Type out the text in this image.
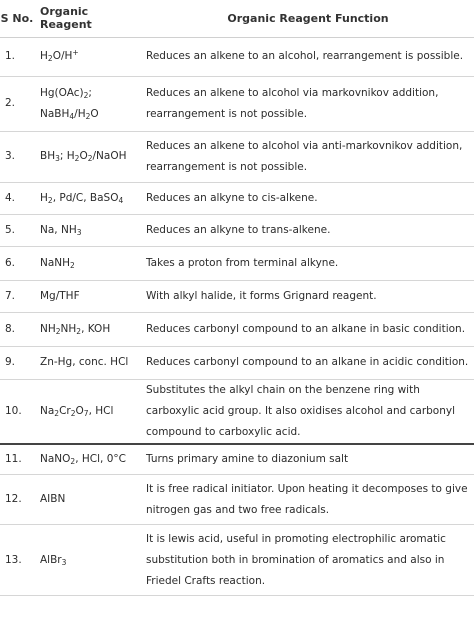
S No.	Organic Reagent	Organic Reagent Function
1.	$H_2O/H^+$	Reduces an alkene to an alcohol, rearrangement is possible.
2.	$Hg(OAc)_2$; $NaBH_4/H_2O$	Reduces an alkene to alcohol via markovnikov addition, rearrangement is not possible.
3.	$BH_3$; $H_2O_2$/NaOH	Reduces an alkene to alcohol via anti-markovnikov addition, rearrangement is not possible.
4.	$H_2$, Pd/C, BaSO$_4$	Reduces an alkyne to cis-alkene.
5.	Na, $NH_3$	Reduces an alkyne to trans-alkene.
6.	NaNH$_2$	Takes a proton from terminal alkyne.
7.	Mg/THF	With alkyl halide, it forms Grignard reagent.
8.	$NH_2NH_2$, KOH	Reduces carbonyl compound to an alkane in basic condition.
9.	Zn-Hg, conc. HCl	Reduces carbonyl compound to an alkane in acidic condition.
10.	$Na_2Cr_2O_7$, HCl	Substitutes the alkyl chain on the benzene ring with carboxylic acid group. It also oxidises alcohol and carbonyl compound to carboxylic acid.
11.	NaNO$_2$, HCl, 0°C	Turns primary amine to diazonium salt
12.	AIBN	It is free radical initiator. Upon heating it decomposes to give nitrogen gas and two free radicals.
13.	AlBr$_3$	It is lewis acid, useful in promoting electrophilic aromatic substitution both in bromination of aromatics and also in Friedel Crafts reaction.
